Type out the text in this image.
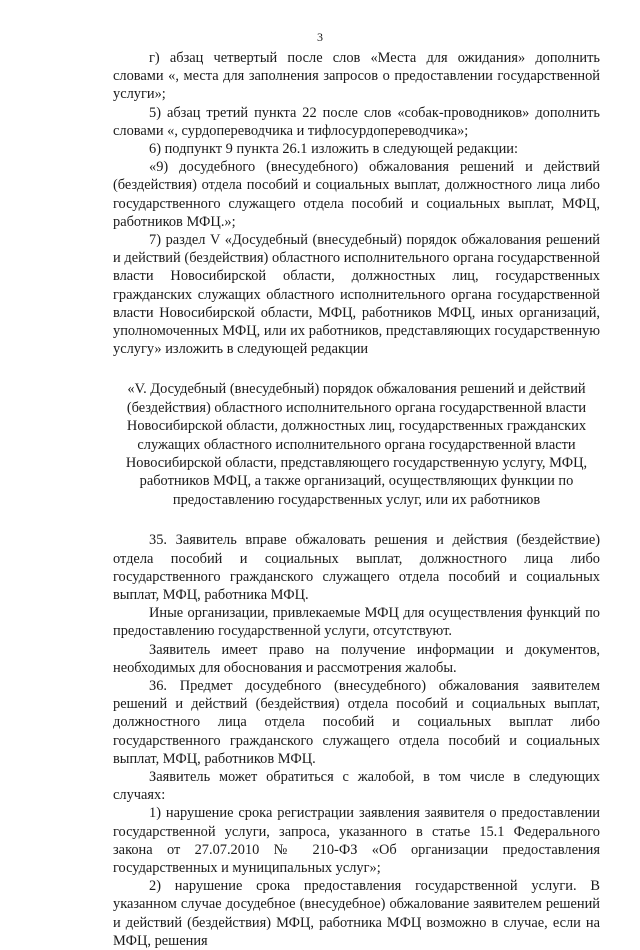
3

г) абзац четвертый после слов «Места для ожидания» дополнить словами «, места для заполнения запросов о предоставлении государственной услуги»;

5) абзац третий пункта 22 после слов «собак-проводников» дополнить словами «, сурдопереводчика и тифлосурдопереводчика»;

6) подпункт 9 пункта 26.1 изложить в следующей редакции:

«9) досудебного (внесудебного) обжалования решений и действий (бездействия) отдела пособий и социальных выплат, должностного лица либо государственного служащего отдела пособий и социальных выплат, МФЦ, работников МФЦ.»;

7) раздел V «Досудебный (внесудебный) порядок обжалования решений и действий (бездействия) областного исполнительного органа государственной власти Новосибирской области, должностных лиц, государственных гражданских служащих областного исполнительного органа государственной власти Новосибирской области, МФЦ, работников МФЦ, иных организаций, уполномоченных МФЦ, или их работников, представляющих государственную услугу» изложить в следующей редакции

«V. Досудебный (внесудебный) порядок обжалования решений и действий (бездействия) областного исполнительного органа государственной власти Новосибирской области, должностных лиц, государственных гражданских служащих областного исполнительного органа государственной власти Новосибирской области, представляющего государственную услугу, МФЦ, работников МФЦ, а также организаций, осуществляющих функции по предоставлению государственных услуг, или их работников

35. Заявитель вправе обжаловать решения и действия (бездействие) отдела пособий и социальных выплат, должностного лица либо государственного гражданского служащего отдела пособий и социальных выплат, МФЦ, работника МФЦ.

Иные организации, привлекаемые МФЦ для осуществления функций по предоставлению государственной услуги, отсутствуют.

Заявитель имеет право на получение информации и документов, необходимых для обоснования и рассмотрения жалобы.

36. Предмет досудебного (внесудебного) обжалования заявителем решений и действий (бездействия) отдела пособий и социальных выплат, должностного лица отдела пособий и социальных выплат либо государственного гражданского служащего отдела пособий и социальных выплат, МФЦ, работников МФЦ.

Заявитель может обратиться с жалобой, в том числе в следующих случаях:

1) нарушение срока регистрации заявления заявителя о предоставлении государственной услуги, запроса, указанного в статье 15.1 Федерального закона от 27.07.2010 № 210-ФЗ «Об организации предоставления государственных и муниципальных услуг»;

2) нарушение срока предоставления государственной услуги. В указанном случае досудебное (внесудебное) обжалование заявителем решений и действий (бездействия) МФЦ, работника МФЦ возможно в случае, если на МФЦ, решения
